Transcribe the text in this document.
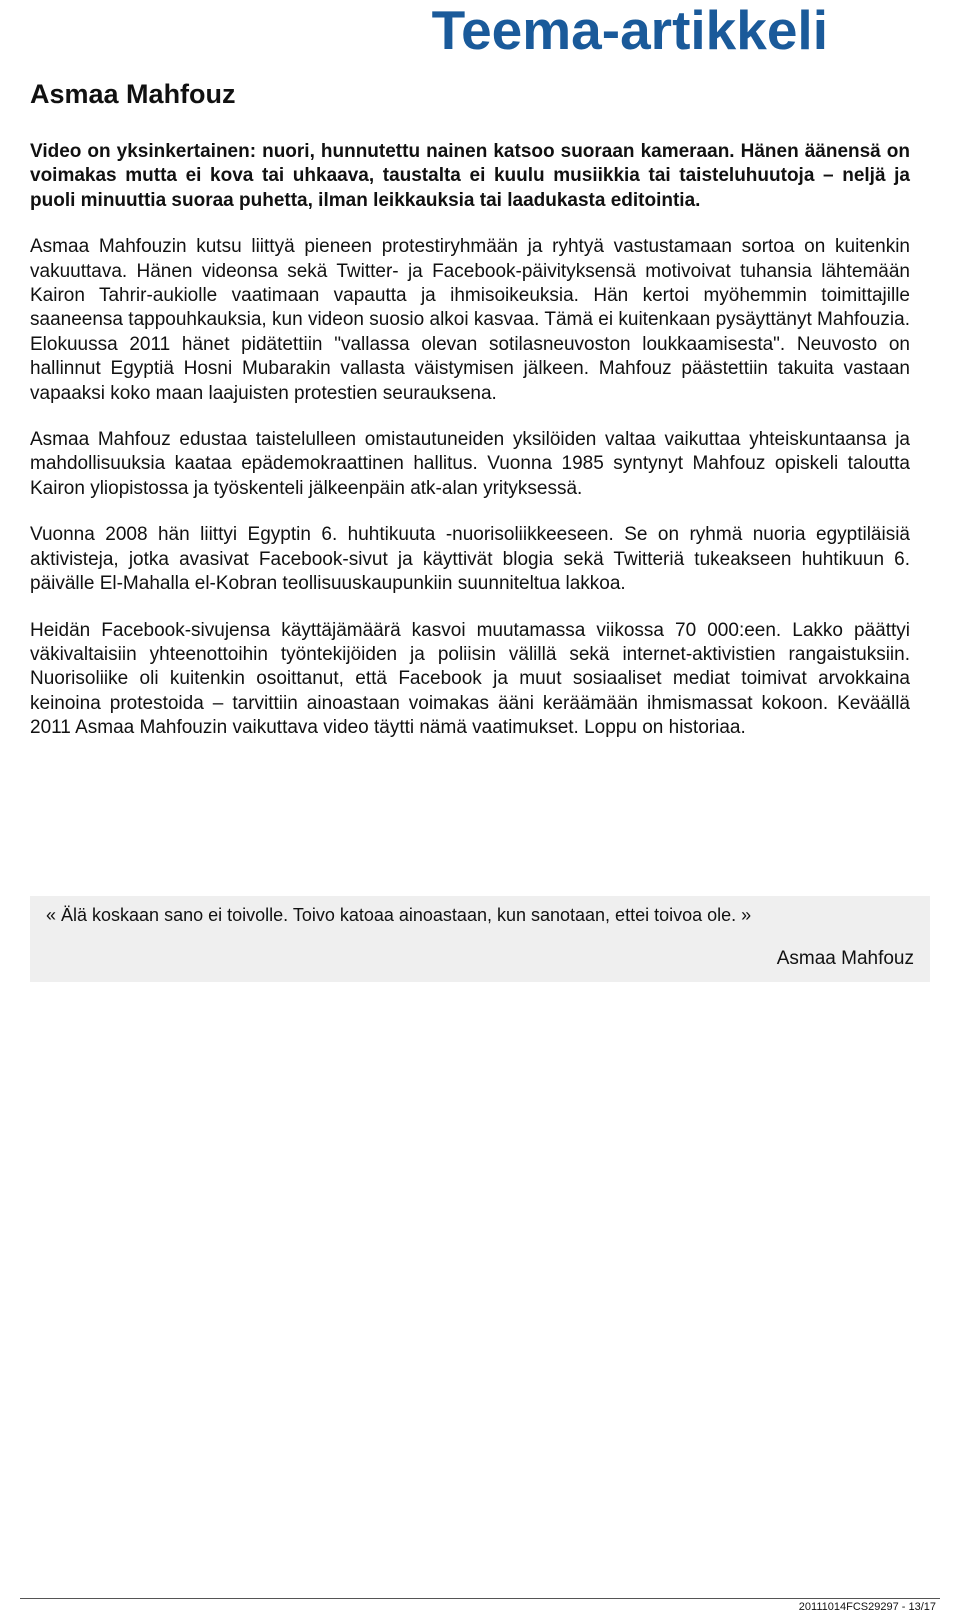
Teema-artikkeli
Asmaa Mahfouz

Video on yksinkertainen: nuori, hunnutettu nainen katsoo suoraan kameraan. Hänen äänensä on voimakas mutta ei kova tai uhkaava, taustalta ei kuulu musiikkia tai taisteluhuutoja – neljä ja puoli minuuttia suoraa puhetta, ilman leikkauksia tai laadukasta editointia.

Asmaa Mahfouzin kutsu liittyä pieneen protestiryhmään ja ryhtyä vastustamaan sortoa on kuitenkin vakuuttava. Hänen videonsa sekä Twitter- ja Facebook-päivityksensä motivoivat tuhansia lähtemään Kairon Tahrir-aukiolle vaatimaan vapautta ja ihmisoikeuksia. Hän kertoi myöhemmin toimittajille saaneensa tappouhkauksia, kun videon suosio alkoi kasvaa. Tämä ei kuitenkaan pysäyttänyt Mahfouzia. Elokuussa 2011 hänet pidätettiin "vallassa olevan sotilasneuvoston loukkaamisesta". Neuvosto on hallinnut Egyptiä Hosni Mubarakin vallasta väistymisen jälkeen. Mahfouz päästettiin takuita vastaan vapaaksi koko maan laajuisten protestien seurauksena.

Asmaa Mahfouz edustaa taistelulleen omistautuneiden yksilöiden valtaa vaikuttaa yhteiskuntaansa ja mahdollisuuksia kaataa epädemokraattinen hallitus. Vuonna 1985 syntynyt Mahfouz opiskeli taloutta Kairon yliopistossa ja työskenteli jälkeenpäin atk-alan yrityksessä.

Vuonna 2008 hän liittyi Egyptin 6. huhtikuuta -nuorisoliikkeeseen. Se on ryhmä nuoria egyptiläisiä aktivisteja, jotka avasivat Facebook-sivut ja käyttivät blogia sekä Twitteriä tukeakseen huhtikuun 6. päivälle El-Mahalla el-Kobran teollisuuskaupunkiin suunniteltua lakkoa.

Heidän Facebook-sivujensa käyttäjämäärä kasvoi muutamassa viikossa 70 000:een. Lakko päättyi väkivaltaisiin yhteenottoihin työntekijöiden ja poliisin välillä sekä internet-aktivistien rangaistuksiin. Nuorisoliike oli kuitenkin osoittanut, että Facebook ja muut sosiaaliset mediat toimivat arvokkaina keinoina protestoida – tarvittiin ainoastaan voimakas ääni keräämään ihmismassat kokoon. Keväällä 2011 Asmaa Mahfouzin vaikuttava video täytti nämä vaatimukset. Loppu on historiaa.

« Älä koskaan sano ei toivolle. Toivo katoaa ainoastaan, kun sanotaan, ettei toivoa ole. »

Asmaa Mahfouz

20111014FCS29297 - 13/17
